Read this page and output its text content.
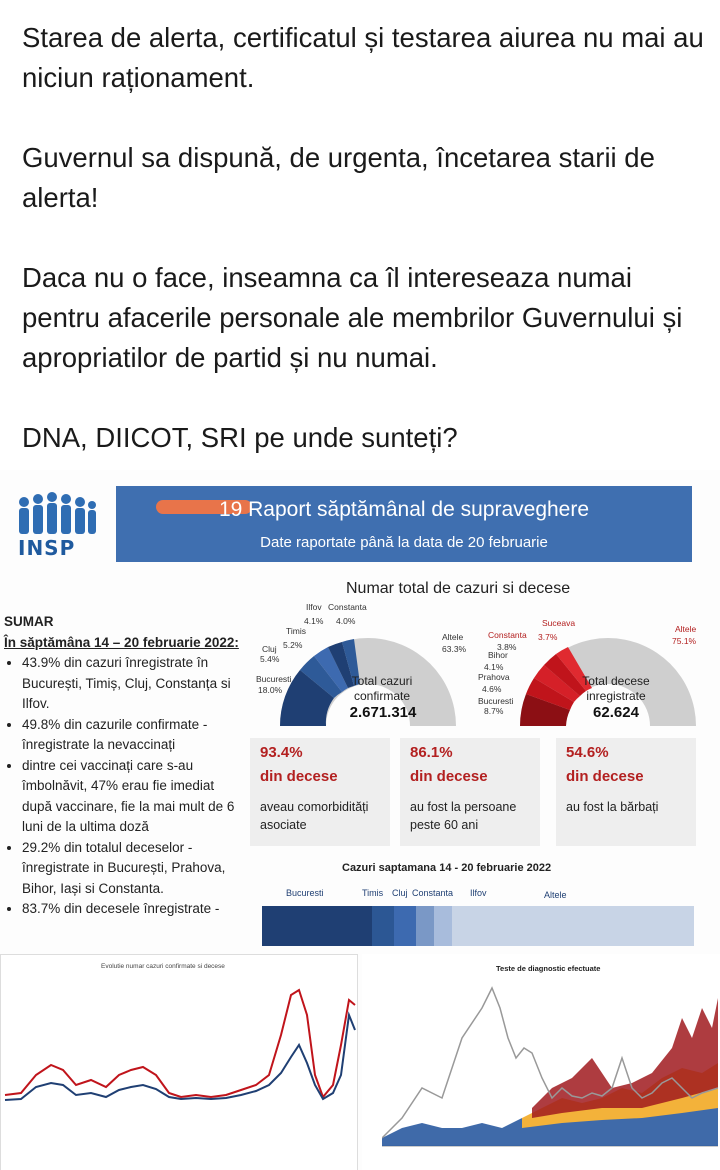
Starea de alerta, certificatul și testarea aiurea nu mai au niciun raționament.

Guvernul sa dispună, de urgenta, încetarea starii de alerta!

Daca nu o face, inseamna ca îl intereseaza numai pentru afacerile personale ale membrilor Guvernului și apropriatilor de partid și nu numai.

DNA, DIICOT, SRI pe unde sunteți?

INSP
19 Raport săptămânal de supraveghere
Date raportate până la data de 20 februarie
Numar total de cazuri si decese
SUMAR
În săptămâna 14 – 20 februarie 2022:
• 43.9% din cazuri înregistrate în București, Timiș, Cluj, Constanța si Ilfov.
• 49.8% din cazurile confirmate - înregistrate la nevaccinați
• dintre cei vaccinați care s-au îmbolnăvit, 47% erau fie imediat după vaccinare, fie la mai mult de 6 luni de la ultima doză
• 29.2% din totalul deceselor - înregistrate in București, Prahova, Bihor, Iași si Constanta.
• 83.7% din decesele înregistrate -
Total cazuri
confirmate
2.671.314
Ilfov Constanta
4.1% 4.0%
Timis
Cluj 5.2%
5.4%
Bucuresti
18.0%
Altele
63.3%
Total decese
inregistrate
62.624
Suceava
3.7%
Constanta
3.8%
Bihor
4.1%
Prahova
4.6%
Bucuresti
8.7%
Altele
75.1%
93.4%
din decese
aveau comorbidități asociate
86.1%
din decese
au fost la persoane peste 60 ani
54.6%
din decese
au fost la bărbați
Cazuri saptamana 14 - 20 februarie 2022
Bucuresti	Timis Cluj Constanta Ilfov	Altele
Evolutie numar cazuri confirmate si decese	Teste de diagnostic efectuate
